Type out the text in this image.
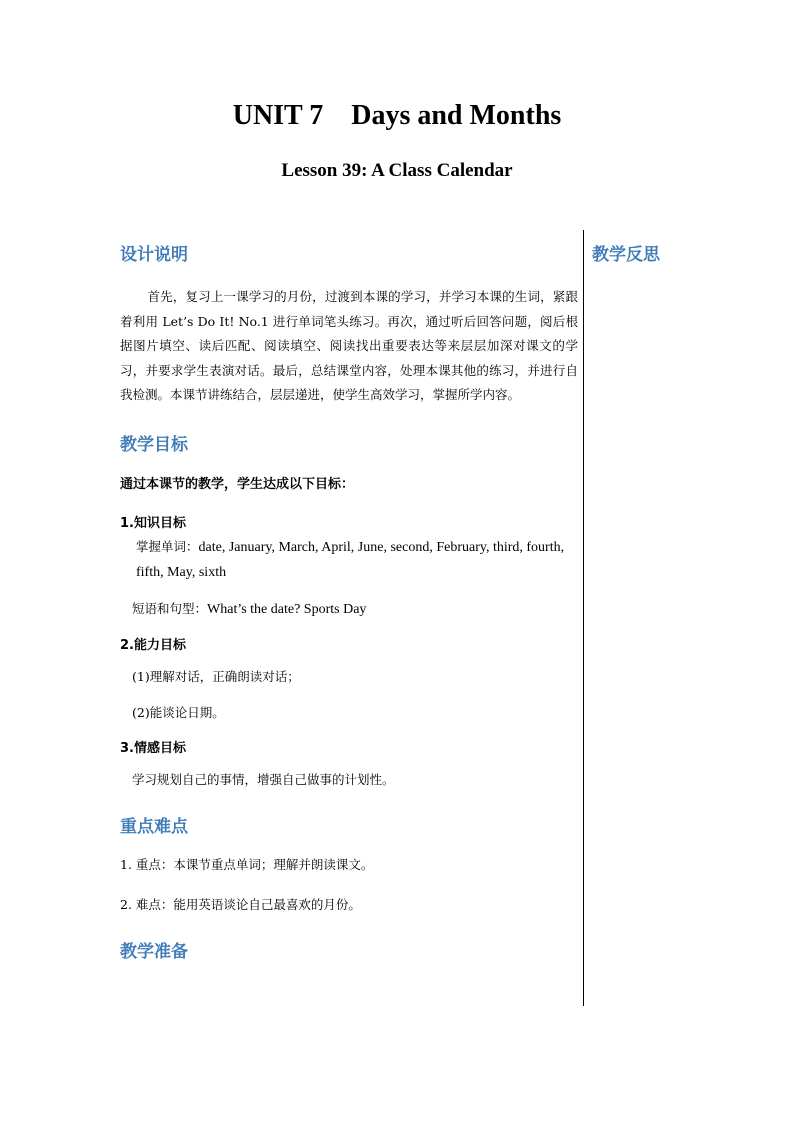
UNIT 7    Days and Months
Lesson 39: A Class Calendar
教学反思
设计说明

首先，复习上一课学习的月份，过渡到本课的学习，并学习本课的生词，紧跟着利用 Let’s Do It! No.1 进行单词笔头练习。再次，通过听后回答问题，阅后根据图片填空、读后匹配、阅读填空、阅读找出重要表达等来层层加深对课文的学习，并要求学生表演对话。最后，总结课堂内容，处理本课其他的练习，并进行自我检测。本课节讲练结合，层层递进，使学生高效学习，掌握所学内容。

教学目标

通过本课节的教学，学生达成以下目标：

1.知识目标

掌握单词：date, January, March, April, June, second, February, third, fourth, fifth, May, sixth

短语和句型：What’s the date? Sports Day

2.能力目标

(1)理解对话，正确朗读对话；

(2)能谈论日期。

3.情感目标

学习规划自己的事情，增强自己做事的计划性。

重点难点

1. 重点：本课节重点单词；理解并朗读课文。

2. 难点：能用英语谈论自己最喜欢的月份。

教学准备
